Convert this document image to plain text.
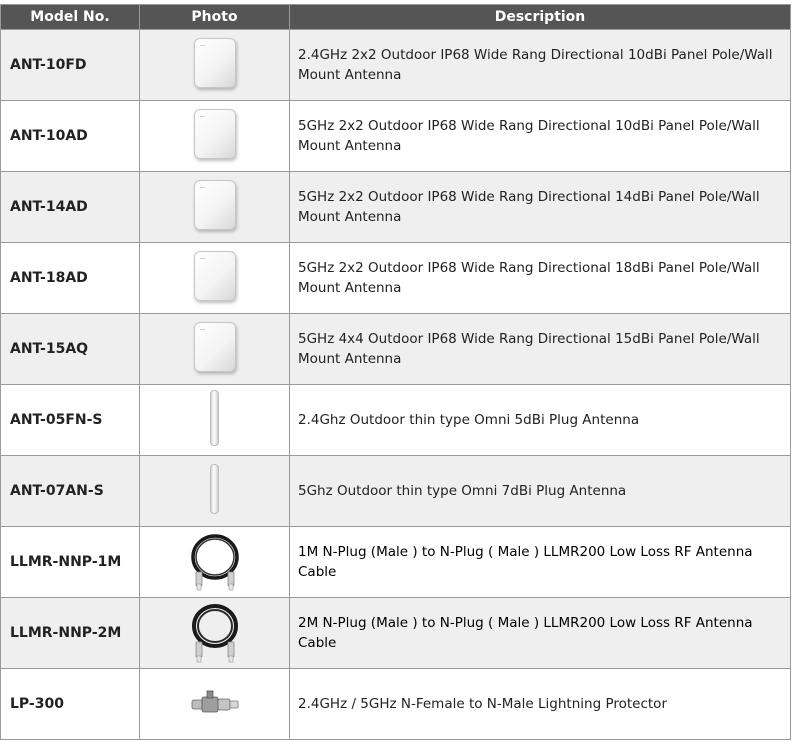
Model No.	Photo	Description
ANT-10FD		2.4GHz 2x2 Outdoor IP68 Wide Rang Directional 10dBi Panel Pole/Wall Mount Antenna
ANT-10AD		5GHz 2x2 Outdoor IP68 Wide Rang Directional 10dBi Panel Pole/Wall Mount Antenna
ANT-14AD		5GHz 2x2 Outdoor IP68 Wide Rang Directional 14dBi Panel Pole/Wall Mount Antenna
ANT-18AD		5GHz 2x2 Outdoor IP68 Wide Rang Directional 18dBi Panel Pole/Wall Mount Antenna
ANT-15AQ		5GHz 4x4 Outdoor IP68 Wide Rang Directional 15dBi Panel Pole/Wall Mount Antenna
ANT-05FN-S		2.4Ghz Outdoor thin type Omni 5dBi Plug Antenna
ANT-07AN-S		5Ghz Outdoor thin type Omni 7dBi Plug Antenna
LLMR-NNP-1M		1M N-Plug (Male ) to N-Plug ( Male ) LLMR200 Low Loss RF Antenna Cable
LLMR-NNP-2M		2M N-Plug (Male ) to N-Plug ( Male ) LLMR200 Low Loss RF Antenna Cable
LP-300		2.4GHz / 5GHz N-Female to N-Male Lightning Protector
